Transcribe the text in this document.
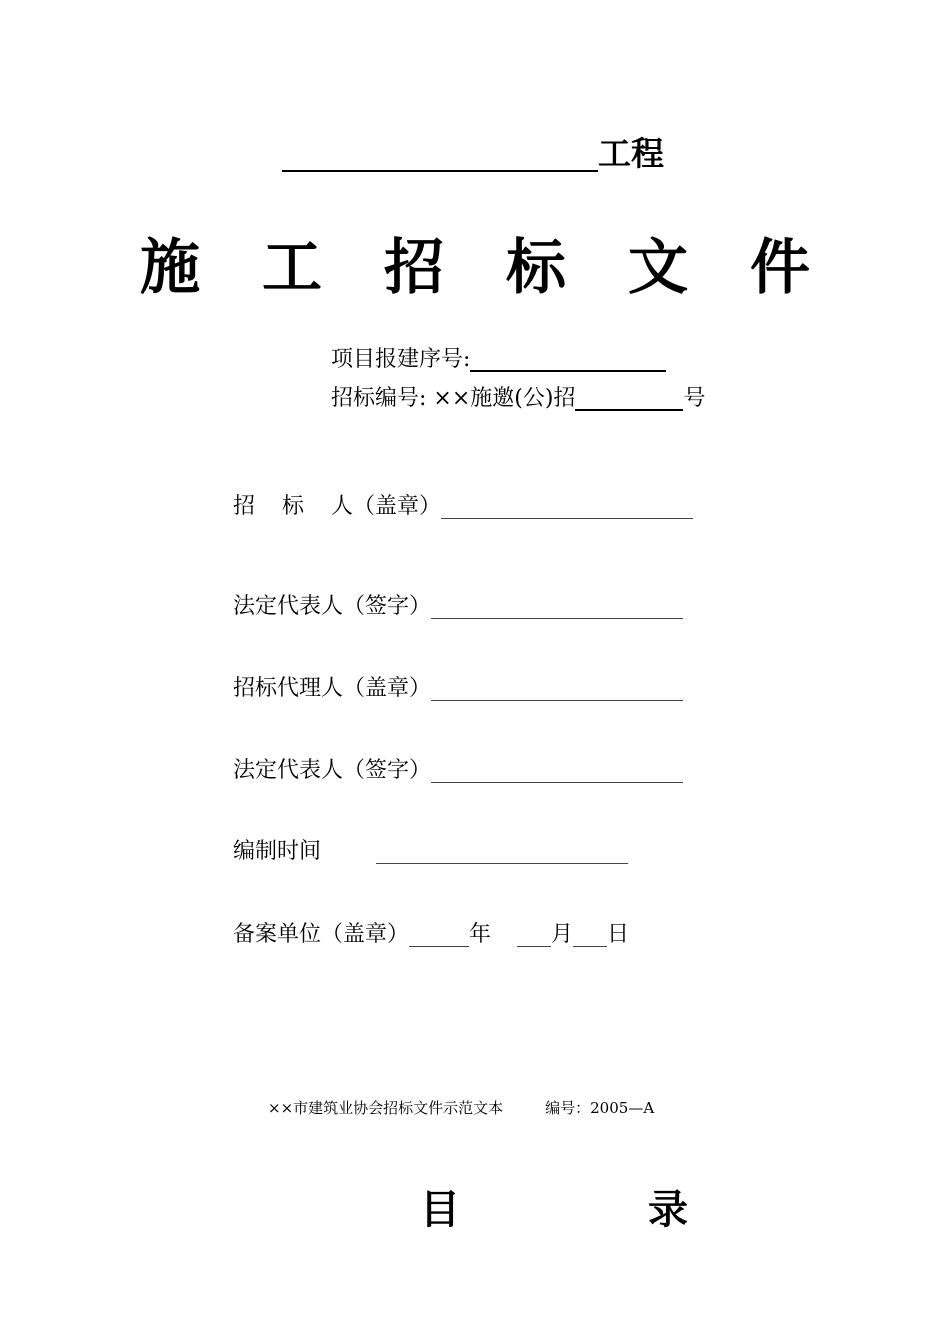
工程
施 工 招 标 文 件
项目报建序号:
招标编号: ××施邀(公)招	号
招 标 人（盖章）
法定代表人（签字）
招标代理人（盖章）
法定代表人（签字）
编制时间
备案单位（盖章）	年	月 日
××市建筑业协会招标文件示范文本	编号：2005—A
目	录
